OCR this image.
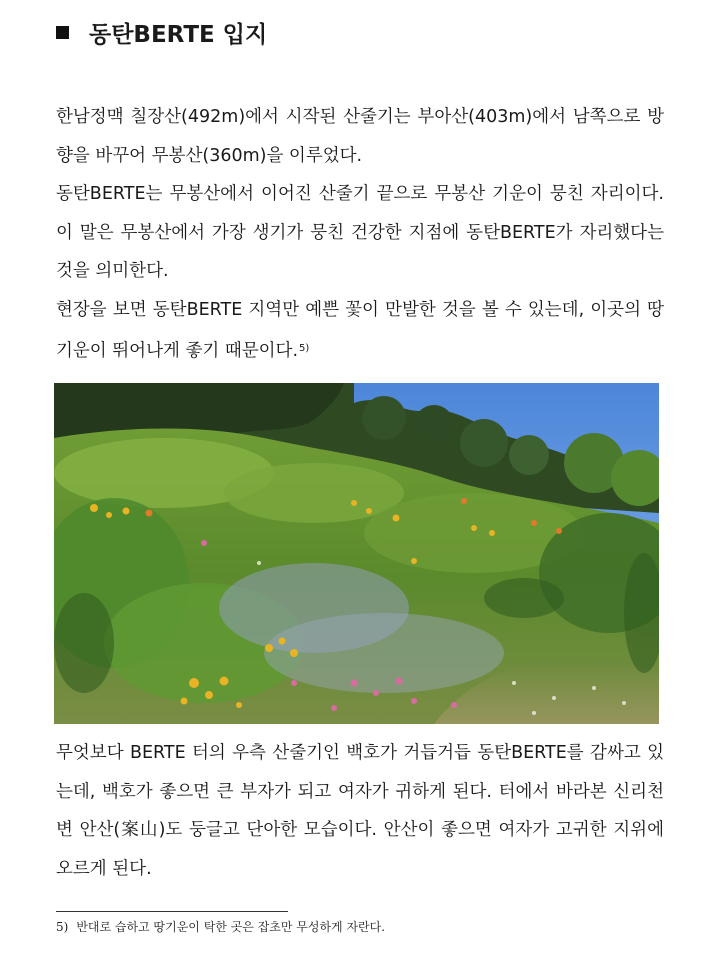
동탄BERTE 입지

한남정맥 칠장산(492m)에서 시작된 산줄기는 부아산(403m)에서 남쪽으로 방향을 바꾸어 무봉산(360m)을 이루었다.

동탄BERTE는 무봉산에서 이어진 산줄기 끝으로 무봉산 기운이 뭉친 자리이다. 이 말은 무봉산에서 가장 생기가 뭉친 건강한 지점에 동탄BERTE가 자리했다는 것을 의미한다.

현장을 보면 동탄BERTE 지역만 예쁜 꽃이 만발한 것을 볼 수 있는데, 이곳의 땅 기운이 뛰어나게 좋기 때문이다.$^{5)}$

무엇보다 BERTE 터의 우측 산줄기인 백호가 거듭거듭 동탄BERTE를 감싸고 있는데, 백호가 좋으면 큰 부자가 되고 여자가 귀하게 된다. 터에서 바라본 신리천변 안산(案山)도 둥글고 단아한 모습이다. 안산이 좋으면 여자가 고귀한 지위에 오르게 된다.

5) 반대로 습하고 땅기운이 탁한 곳은 잡초만 무성하게 자란다.
